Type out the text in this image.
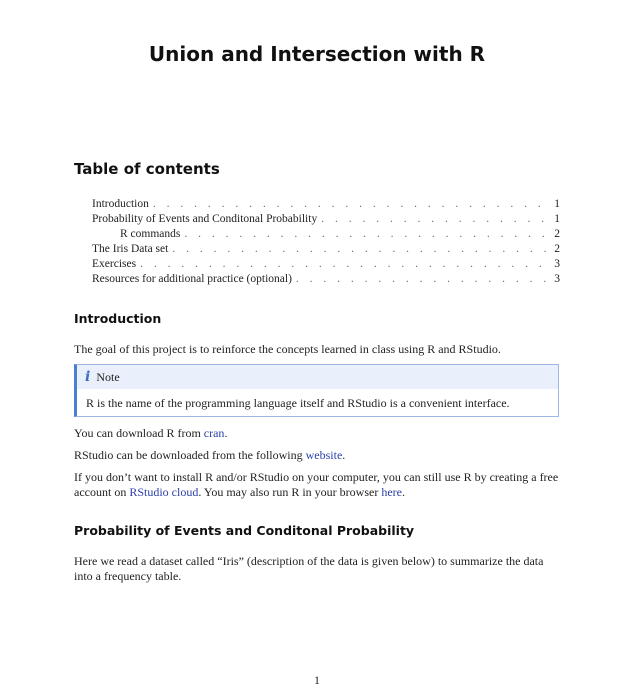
Union and Intersection with R
Table of contents
Introduction . . .	1
Probability of Events and Conditonal Probability . . .	1
R commands . . .	2
The Iris Data set . . .	2
Exercises . . .	3
Resources for additional practice (optional) . . .	3
Introduction
The goal of this project is to reinforce the concepts learned in class using R and RStudio.
i Note
R is the name of the programming language itself and RStudio is a convenient interface.
You can download R from cran.
RStudio can be downloaded from the following website.
If you don’t want to install R and/or RStudio on your computer, you can still use R by creating a free account on RStudio cloud. You may also run R in your browser here.
Probability of Events and Conditonal Probability
Here we read a dataset called “Iris” (description of the data is given below) to summarize the data into a frequency table.
1
